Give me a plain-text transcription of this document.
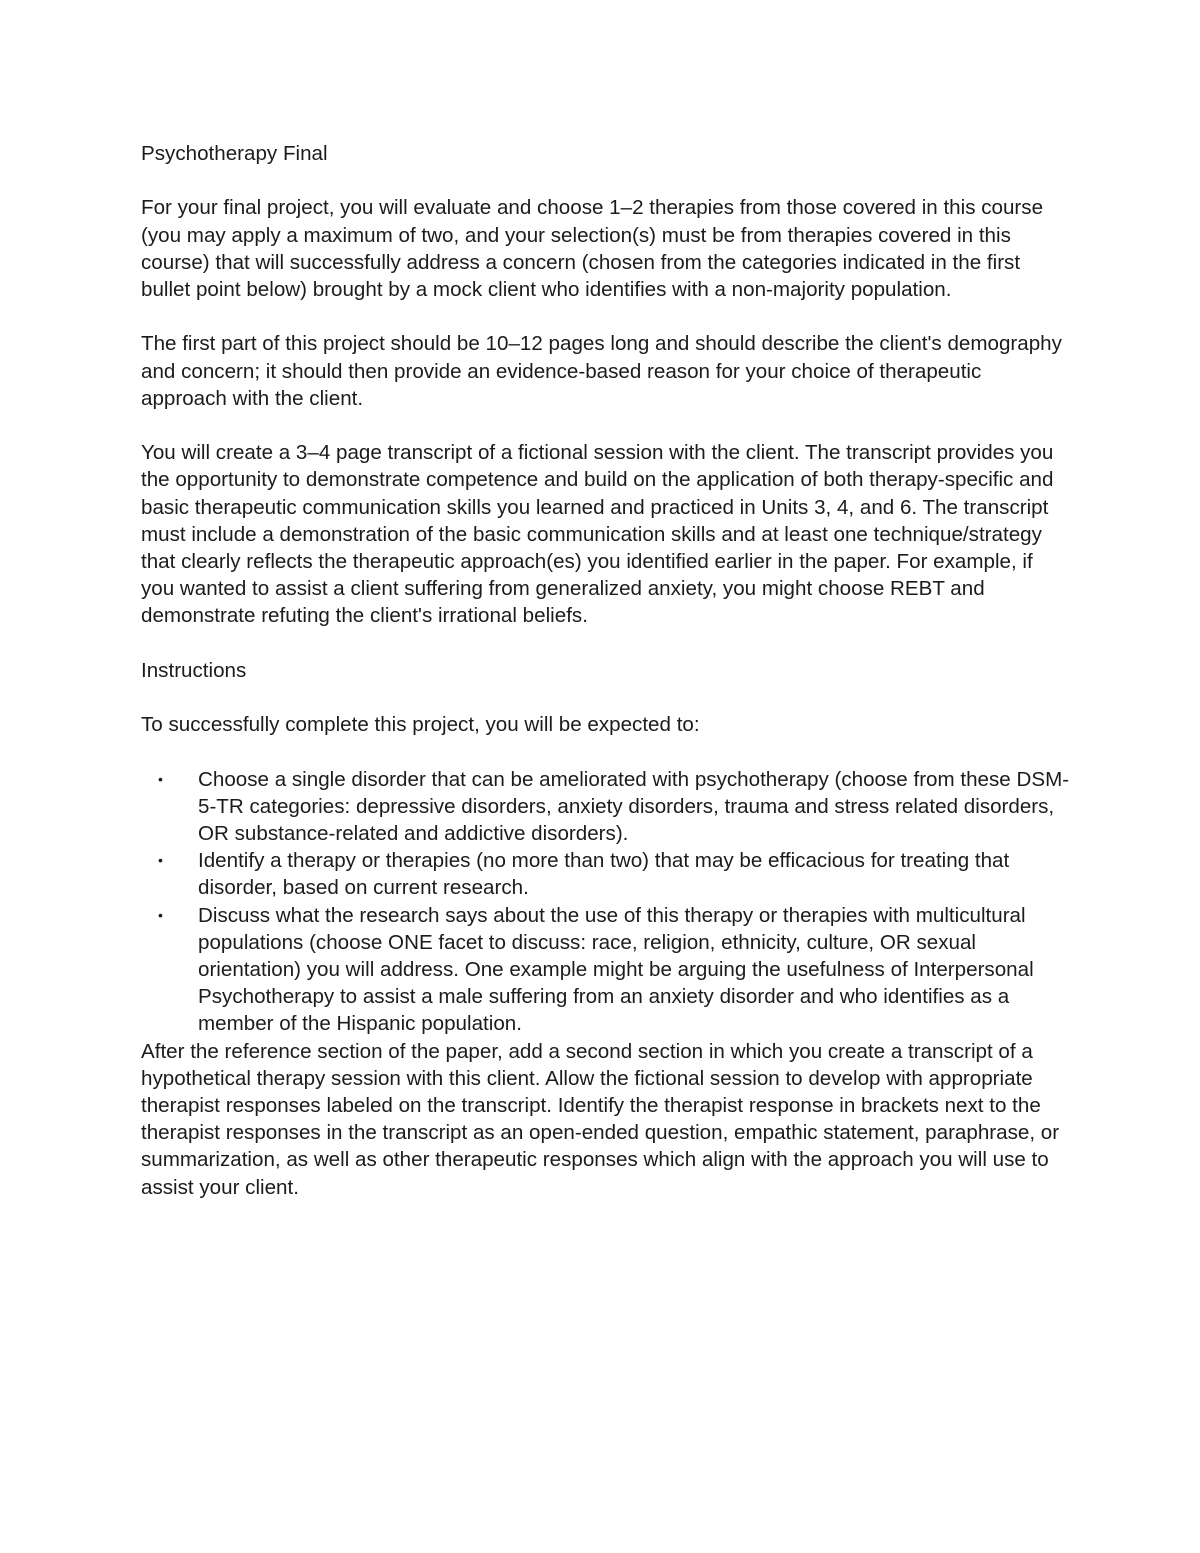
Psychotherapy Final

For your final project, you will evaluate and choose 1–2 therapies from those covered in this course (you may apply a maximum of two, and your selection(s) must be from therapies covered in this course) that will successfully address a concern (chosen from the categories indicated in the first bullet point below) brought by a mock client who identifies with a non-majority population.

The first part of this project should be 10–12 pages long and should describe the client's demography and concern; it should then provide an evidence-based reason for your choice of therapeutic approach with the client.

You will create a 3–4 page transcript of a fictional session with the client. The transcript provides you the opportunity to demonstrate competence and build on the application of both therapy-specific and basic therapeutic communication skills you learned and practiced in Units 3, 4, and 6. The transcript must include a demonstration of the basic communication skills and at least one technique/strategy that clearly reflects the therapeutic approach(es) you identified earlier in the paper. For example, if you wanted to assist a client suffering from generalized anxiety, you might choose REBT and demonstrate refuting the client's irrational beliefs.

Instructions

To successfully complete this project, you will be expected to:

• Choose a single disorder that can be ameliorated with psychotherapy (choose from these DSM-5-TR categories: depressive disorders, anxiety disorders, trauma and stress related disorders, OR substance-related and addictive disorders).
• Identify a therapy or therapies (no more than two) that may be efficacious for treating that disorder, based on current research.
• Discuss what the research says about the use of this therapy or therapies with multicultural populations (choose ONE facet to discuss: race, religion, ethnicity, culture, OR sexual orientation) you will address. One example might be arguing the usefulness of Interpersonal Psychotherapy to assist a male suffering from an anxiety disorder and who identifies as a member of the Hispanic population.

After the reference section of the paper, add a second section in which you create a transcript of a hypothetical therapy session with this client. Allow the fictional session to develop with appropriate therapist responses labeled on the transcript. Identify the therapist response in brackets next to the therapist responses in the transcript as an open-ended question, empathic statement, paraphrase, or summarization, as well as other therapeutic responses which align with the approach you will use to assist your client.
